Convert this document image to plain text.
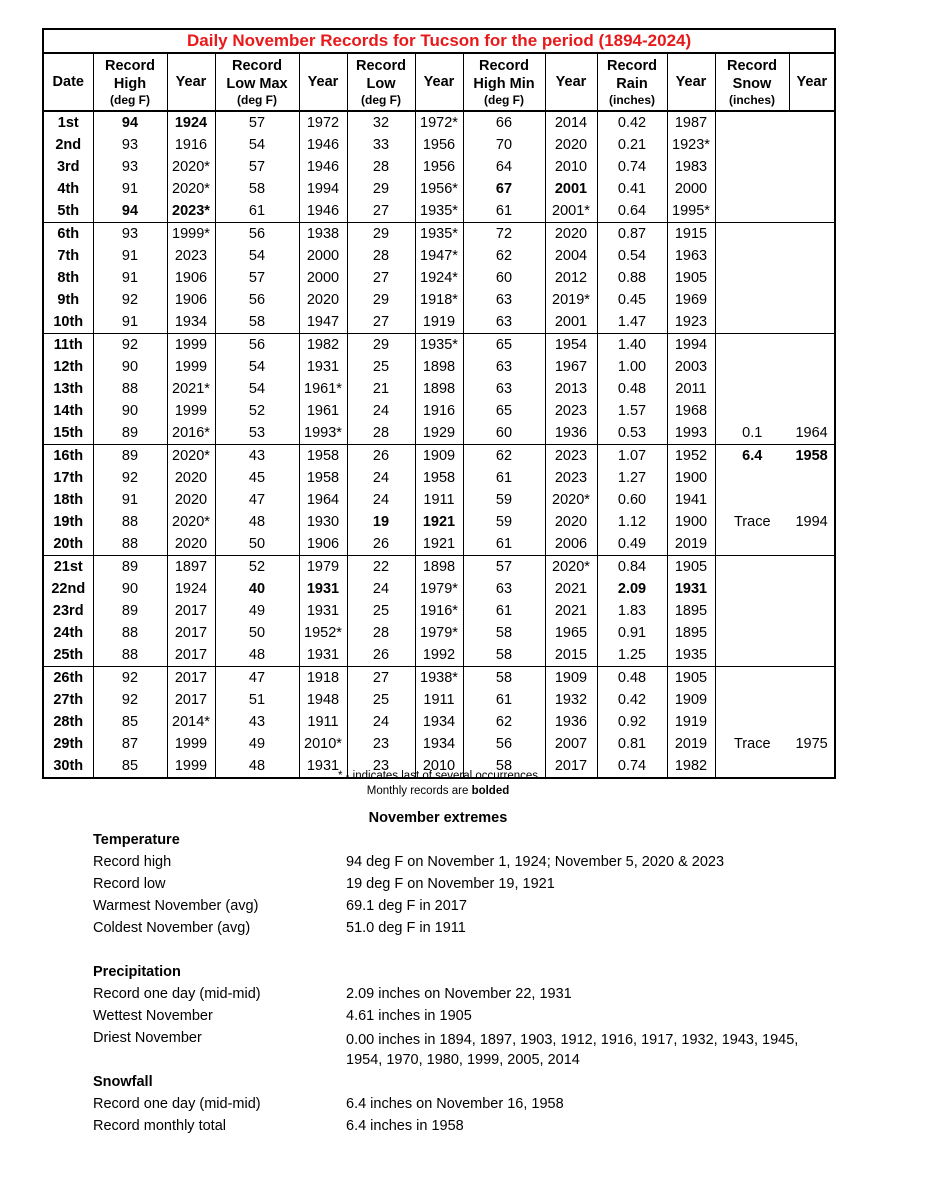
Daily November Records for Tucson for the period (1894-2024)												
Date	Record
High
(deg F)	Year	Record
Low Max
(deg F)	Year	Record
Low
(deg F)	Year	Record
High Min
(deg F)	Year	Record
Rain
(inches)	Year	Record
Snow
(inches)	Year
1st	94	1924	57	1972	32	1972*	66	2014	0.42	1987		
2nd	93	1916	54	1946	33	1956	70	2020	0.21	1923*		
3rd	93	2020*	57	1946	28	1956	64	2010	0.74	1983		
4th	91	2020*	58	1994	29	1956*	67	2001	0.41	2000		
5th	94	2023*	61	1946	27	1935*	61	2001*	0.64	1995*		
6th	93	1999*	56	1938	29	1935*	72	2020	0.87	1915		
7th	91	2023	54	2000	28	1947*	62	2004	0.54	1963		
8th	91	1906	57	2000	27	1924*	60	2012	0.88	1905		
9th	92	1906	56	2020	29	1918*	63	2019*	0.45	1969		
10th	91	1934	58	1947	27	1919	63	2001	1.47	1923		
11th	92	1999	56	1982	29	1935*	65	1954	1.40	1994		
12th	90	1999	54	1931	25	1898	63	1967	1.00	2003		
13th	88	2021*	54	1961*	21	1898	63	2013	0.48	2011		
14th	90	1999	52	1961	24	1916	65	2023	1.57	1968		
15th	89	2016*	53	1993*	28	1929	60	1936	0.53	1993	0.1	1964
16th	89	2020*	43	1958	26	1909	62	2023	1.07	1952	6.4	1958
17th	92	2020	45	1958	24	1958	61	2023	1.27	1900		
18th	91	2020	47	1964	24	1911	59	2020*	0.60	1941		
19th	88	2020*	48	1930	19	1921	59	2020	1.12	1900	Trace	1994
20th	88	2020	50	1906	26	1921	61	2006	0.49	2019		
21st	89	1897	52	1979	22	1898	57	2020*	0.84	1905		
22nd	90	1924	40	1931	24	1979*	63	2021	2.09	1931		
23rd	89	2017	49	1931	25	1916*	61	2021	1.83	1895		
24th	88	2017	50	1952*	28	1979*	58	1965	0.91	1895		
25th	88	2017	48	1931	26	1992	58	2015	1.25	1935		
26th	92	2017	47	1918	27	1938*	58	1909	0.48	1905		
27th	92	2017	51	1948	25	1911	61	1932	0.42	1909		
28th	85	2014*	43	1911	24	1934	62	1936	0.92	1919		
29th	87	1999	49	2010*	23	1934	56	2007	0.81	2019	Trace	1975
30th	85	1999	48	1931	23	2010	58	2017	0.74	1982		
* - indicates last of several occurrences
Monthly records are bolded
November extremes
Temperature
Record high	94 deg F on November 1, 1924; November 5, 2020 & 2023
Record low	19 deg F on November 19, 1921
Warmest November (avg)	69.1 deg F in 2017
Coldest November (avg)	51.0 deg F in 1911
Precipitation
Record one day (mid-mid)	2.09 inches on November 22, 1931
Wettest November	4.61 inches in 1905
Driest November	0.00 inches in 1894, 1897, 1903, 1912, 1916, 1917, 1932, 1943, 1945, 1954, 1970, 1980, 1999, 2005, 2014
Snowfall
Record one day (mid-mid)	6.4 inches on November 16, 1958
Record monthly total	6.4 inches in 1958
